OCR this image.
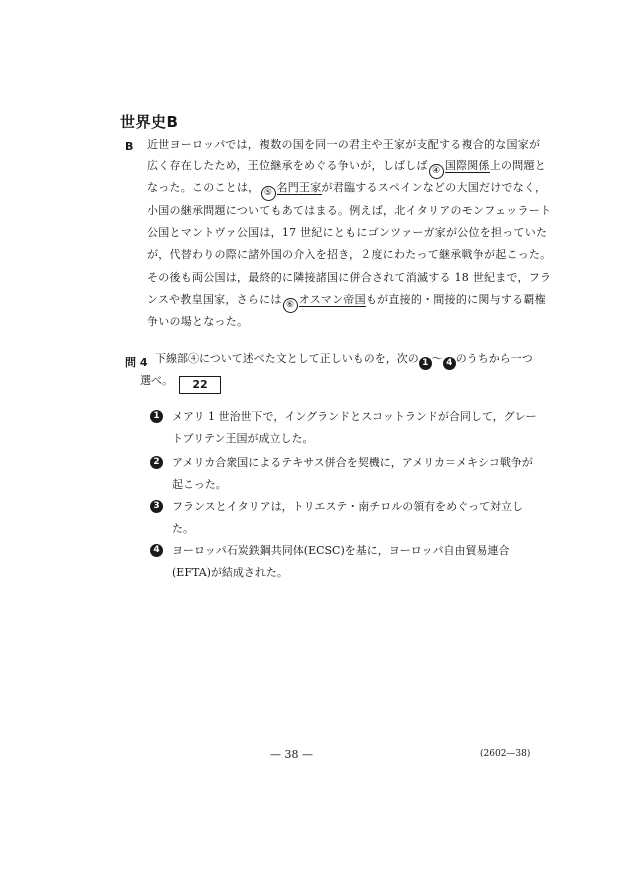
世界史B
B 近世ヨーロッパでは，複数の国を同一の君主や王家が支配する複合的な国家が
広く存在したため，王位継承をめぐる争いが，しばしば ④ 国際関係上の問題と
なった。このことは， ⑤ 名門王家が君臨するスペインなどの大国だけでなく，
小国の継承問題についてもあてはまる。例えば，北イタリアのモンフェッラート
公国とマントヴァ公国は，17 世紀にともにゴンツァーガ家が公位を担っていた
が，代替わりの際に諸外国の介入を招き，２度にわたって継承戦争が起こった。
その後も両公国は，最終的に隣接諸国に併合されて消滅する 18 世紀まで，フラ
ンスや教皇国家，さらには ⑥ オスマン帝国もが直接的・間接的に関与する覇権
争いの場となった。
問 4 下線部④について述べた文として正しいものを，次の 1 ～ 4 のうちから一つ
選べ。 22
1	メアリ 1 世治世下で，イングランドとスコットランドが合同して，グレー
トブリテン王国が成立した。
2	アメリカ合衆国によるテキサス併合を契機に，アメリカ＝メキシコ戦争が
起こった。
3	フランスとイタリアは，トリエステ・南チロルの領有をめぐって対立し
た。
4	ヨーロッパ石炭鉄鋼共同体(ECSC)を基に，ヨーロッパ自由貿易連合
(EFTA)が結成された。
— 38 —	(2602—38)
